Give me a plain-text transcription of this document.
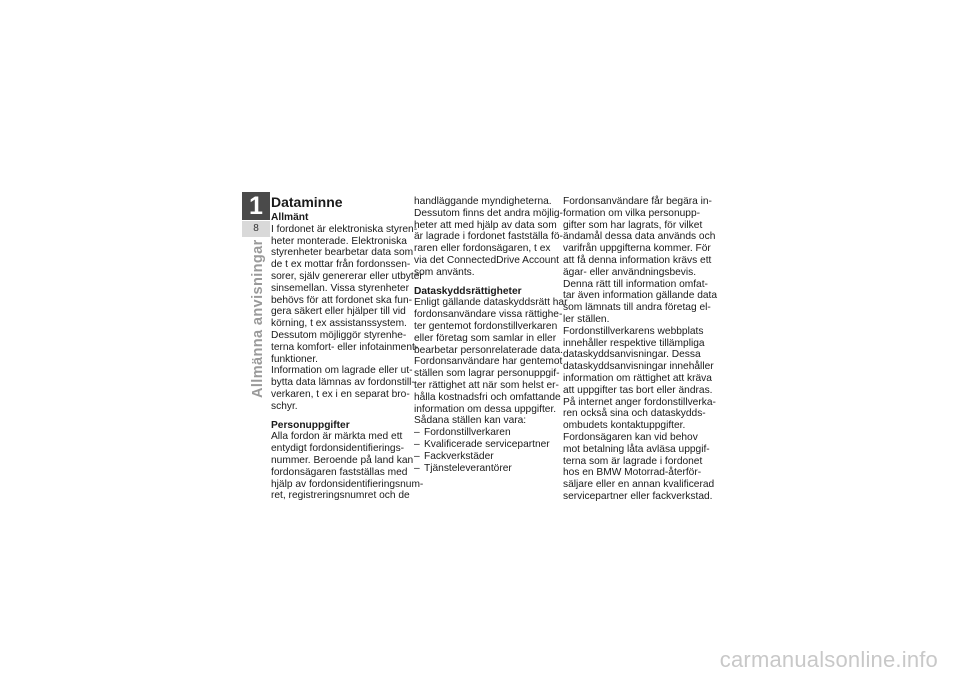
1
8
Allmänna anvisningar
Dataminne
Allmänt
I fordonet är elektroniska styren-
heter monterade. Elektroniska
styrenheter bearbetar data som
de t ex mottar från fordonssen-
sorer, själv genererar eller utbyter
sinsemellan. Vissa styrenheter
behövs för att fordonet ska fun-
gera säkert eller hjälper till vid
körning, t ex assistanssystem.
Dessutom möjliggör styrenhe-
terna komfort- eller infotainment-
funktioner.
Information om lagrade eller ut-
bytta data lämnas av fordonstill-
verkaren, t ex i en separat bro-
schyr.
Personuppgifter
Alla fordon är märkta med ett
entydigt fordonsidentifierings-
nummer. Beroende på land kan
fordonsägaren fastställas med
hjälp av fordonsidentifieringsnum-
ret, registreringsnumret och de
handläggande myndigheterna.
Dessutom finns det andra möjlig-
heter att med hjälp av data som
är lagrade i fordonet fastställa fö-
raren eller fordonsägaren, t ex
via det ConnectedDrive Account
som använts.
Dataskyddsrättigheter
Enligt gällande dataskyddsrätt har
fordonsanvändare vissa rättighe-
ter gentemot fordonstillverkaren
eller företag som samlar in eller
bearbetar personrelaterade data.
Fordonsanvändare har gentemot
ställen som lagrar personuppgif-
ter rättighet att när som helst er-
hålla kostnadsfri och omfattande
information om dessa uppgifter.
Sådana ställen kan vara:
– Fordonstillverkaren
– Kvalificerade servicepartner
– Fackverkstäder
– Tjänsteleverantörer
Fordonsanvändare får begära in-
formation om vilka personupp-
gifter som har lagrats, för vilket
ändamål dessa data används och
varifrån uppgifterna kommer. För
att få denna information krävs ett
ägar- eller användningsbevis.
Denna rätt till information omfat-
tar även information gällande data
som lämnats till andra företag el-
ler ställen.
Fordonstillverkarens webbplats
innehåller respektive tillämpliga
dataskyddsanvisningar. Dessa
dataskyddsanvisningar innehåller
information om rättighet att kräva
att uppgifter tas bort eller ändras.
På internet anger fordonstillverka-
ren också sina och dataskydds-
ombudets kontaktuppgifter.
Fordonsägaren kan vid behov
mot betalning låta avläsa uppgif-
terna som är lagrade i fordonet
hos en BMW Motorrad-återför-
säljare eller en annan kvalificerad
servicepartner eller fackverkstad.
carmanualsonline.info
